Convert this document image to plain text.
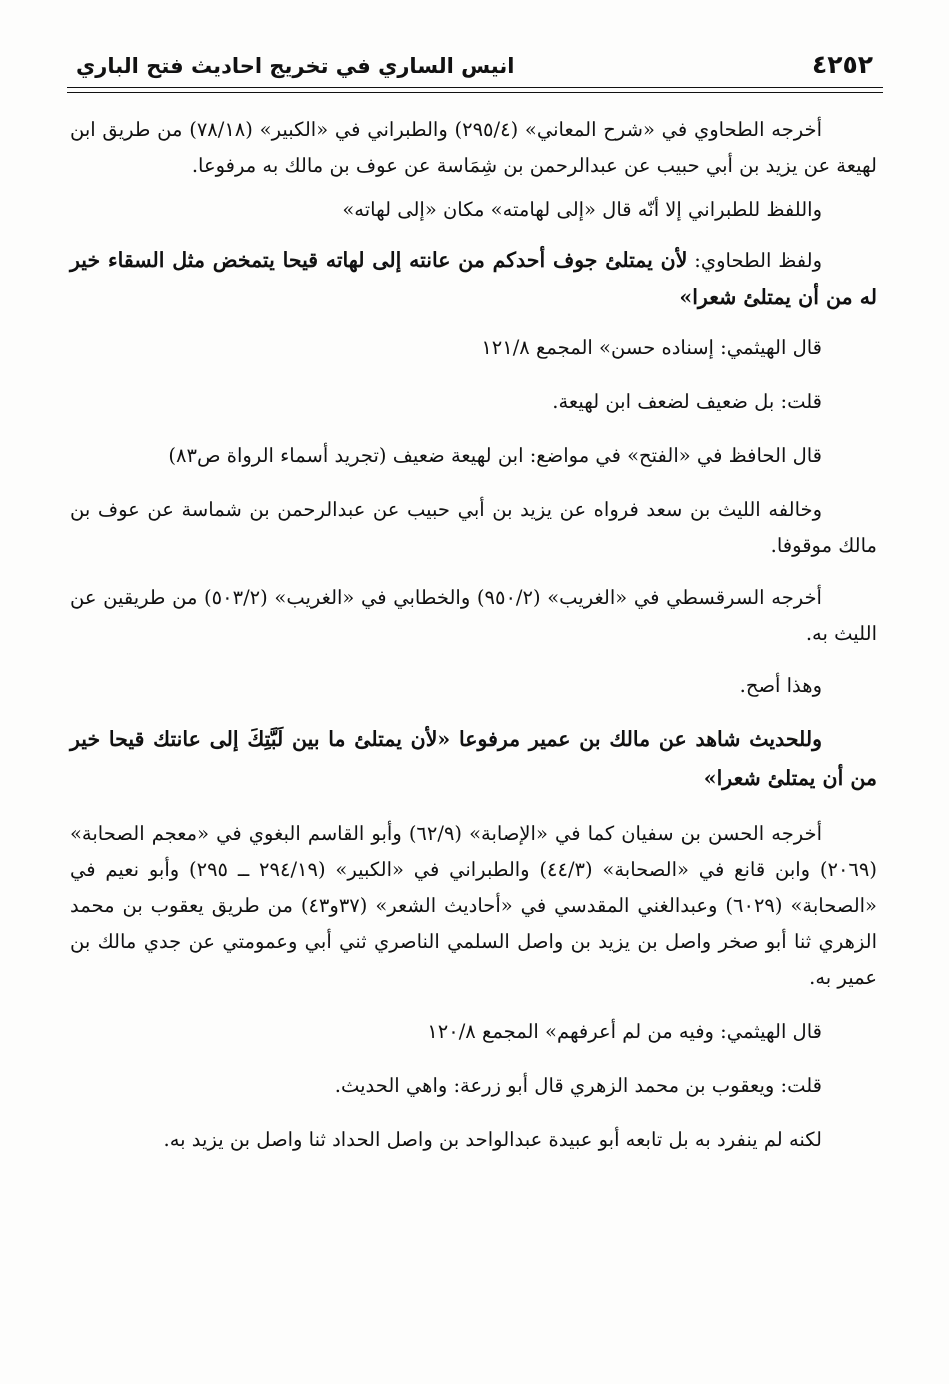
٤٢٥٢
انيس الساري في تخريج احاديث فتح الباري

أخرجه الطحاوي في «شرح المعاني» (٢٩٥/٤) والطبراني في «الكبير» (٧٨/١٨) من طريق ابن لهيعة عن يزيد بن أبي حبيب عن عبدالرحمن بن شِمَاسة عن عوف بن مالك به مرفوعا.

واللفظ للطبراني إلا أنّه قال «إلى لهامته» مكان «إلى لهاته»

ولفظ الطحاوي: لأن يمتلئ جوف أحدكم من عانته إلى لهاته قيحا يتمخض مثل السقاء خير له من أن يمتلئ شعرا»

قال الهيثمي: إسناده حسن» المجمع ١٢١/٨

قلت: بل ضعيف لضعف ابن لهيعة.

قال الحافظ في «الفتح» في مواضع: ابن لهيعة ضعيف (تجريد أسماء الرواة ص٨٣)

وخالفه الليث بن سعد فرواه عن يزيد بن أبي حبيب عن عبدالرحمن بن شماسة عن عوف بن مالك موقوفا.

أخرجه السرقسطي في «الغريب» (٩٥٠/٢) والخطابي في «الغريب» (٥٠٣/٢) من طريقين عن الليث به.

وهذا أصح.

وللحديث شاهد عن مالك بن عمير مرفوعا «لأن يمتلئ ما بين لَبَّتِكَ إلى عانتك قيحا خير من أن يمتلئ شعرا»

أخرجه الحسن بن سفيان كما في «الإصابة» (٦٢/٩) وأبو القاسم البغوي في «معجم الصحابة» (٢٠٦٩) وابن قانع في «الصحابة» (٤٤/٣) والطبراني في «الكبير» (٢٩٤/١٩ ــ ٢٩٥) وأبو نعيم في «الصحابة» (٦٠٢٩) وعبدالغني المقدسي في «أحاديث الشعر» (٣٧و٤٣) من طريق يعقوب بن محمد الزهري ثنا أبو صخر واصل بن يزيد بن واصل السلمي الناصري ثني أبي وعمومتي عن جدي مالك بن عمير به.

قال الهيثمي: وفيه من لم أعرفهم» المجمع ١٢٠/٨

قلت: ويعقوب بن محمد الزهري قال أبو زرعة: واهي الحديث.

لكنه لم ينفرد به بل تابعه أبو عبيدة عبدالواحد بن واصل الحداد ثنا واصل بن يزيد به.
